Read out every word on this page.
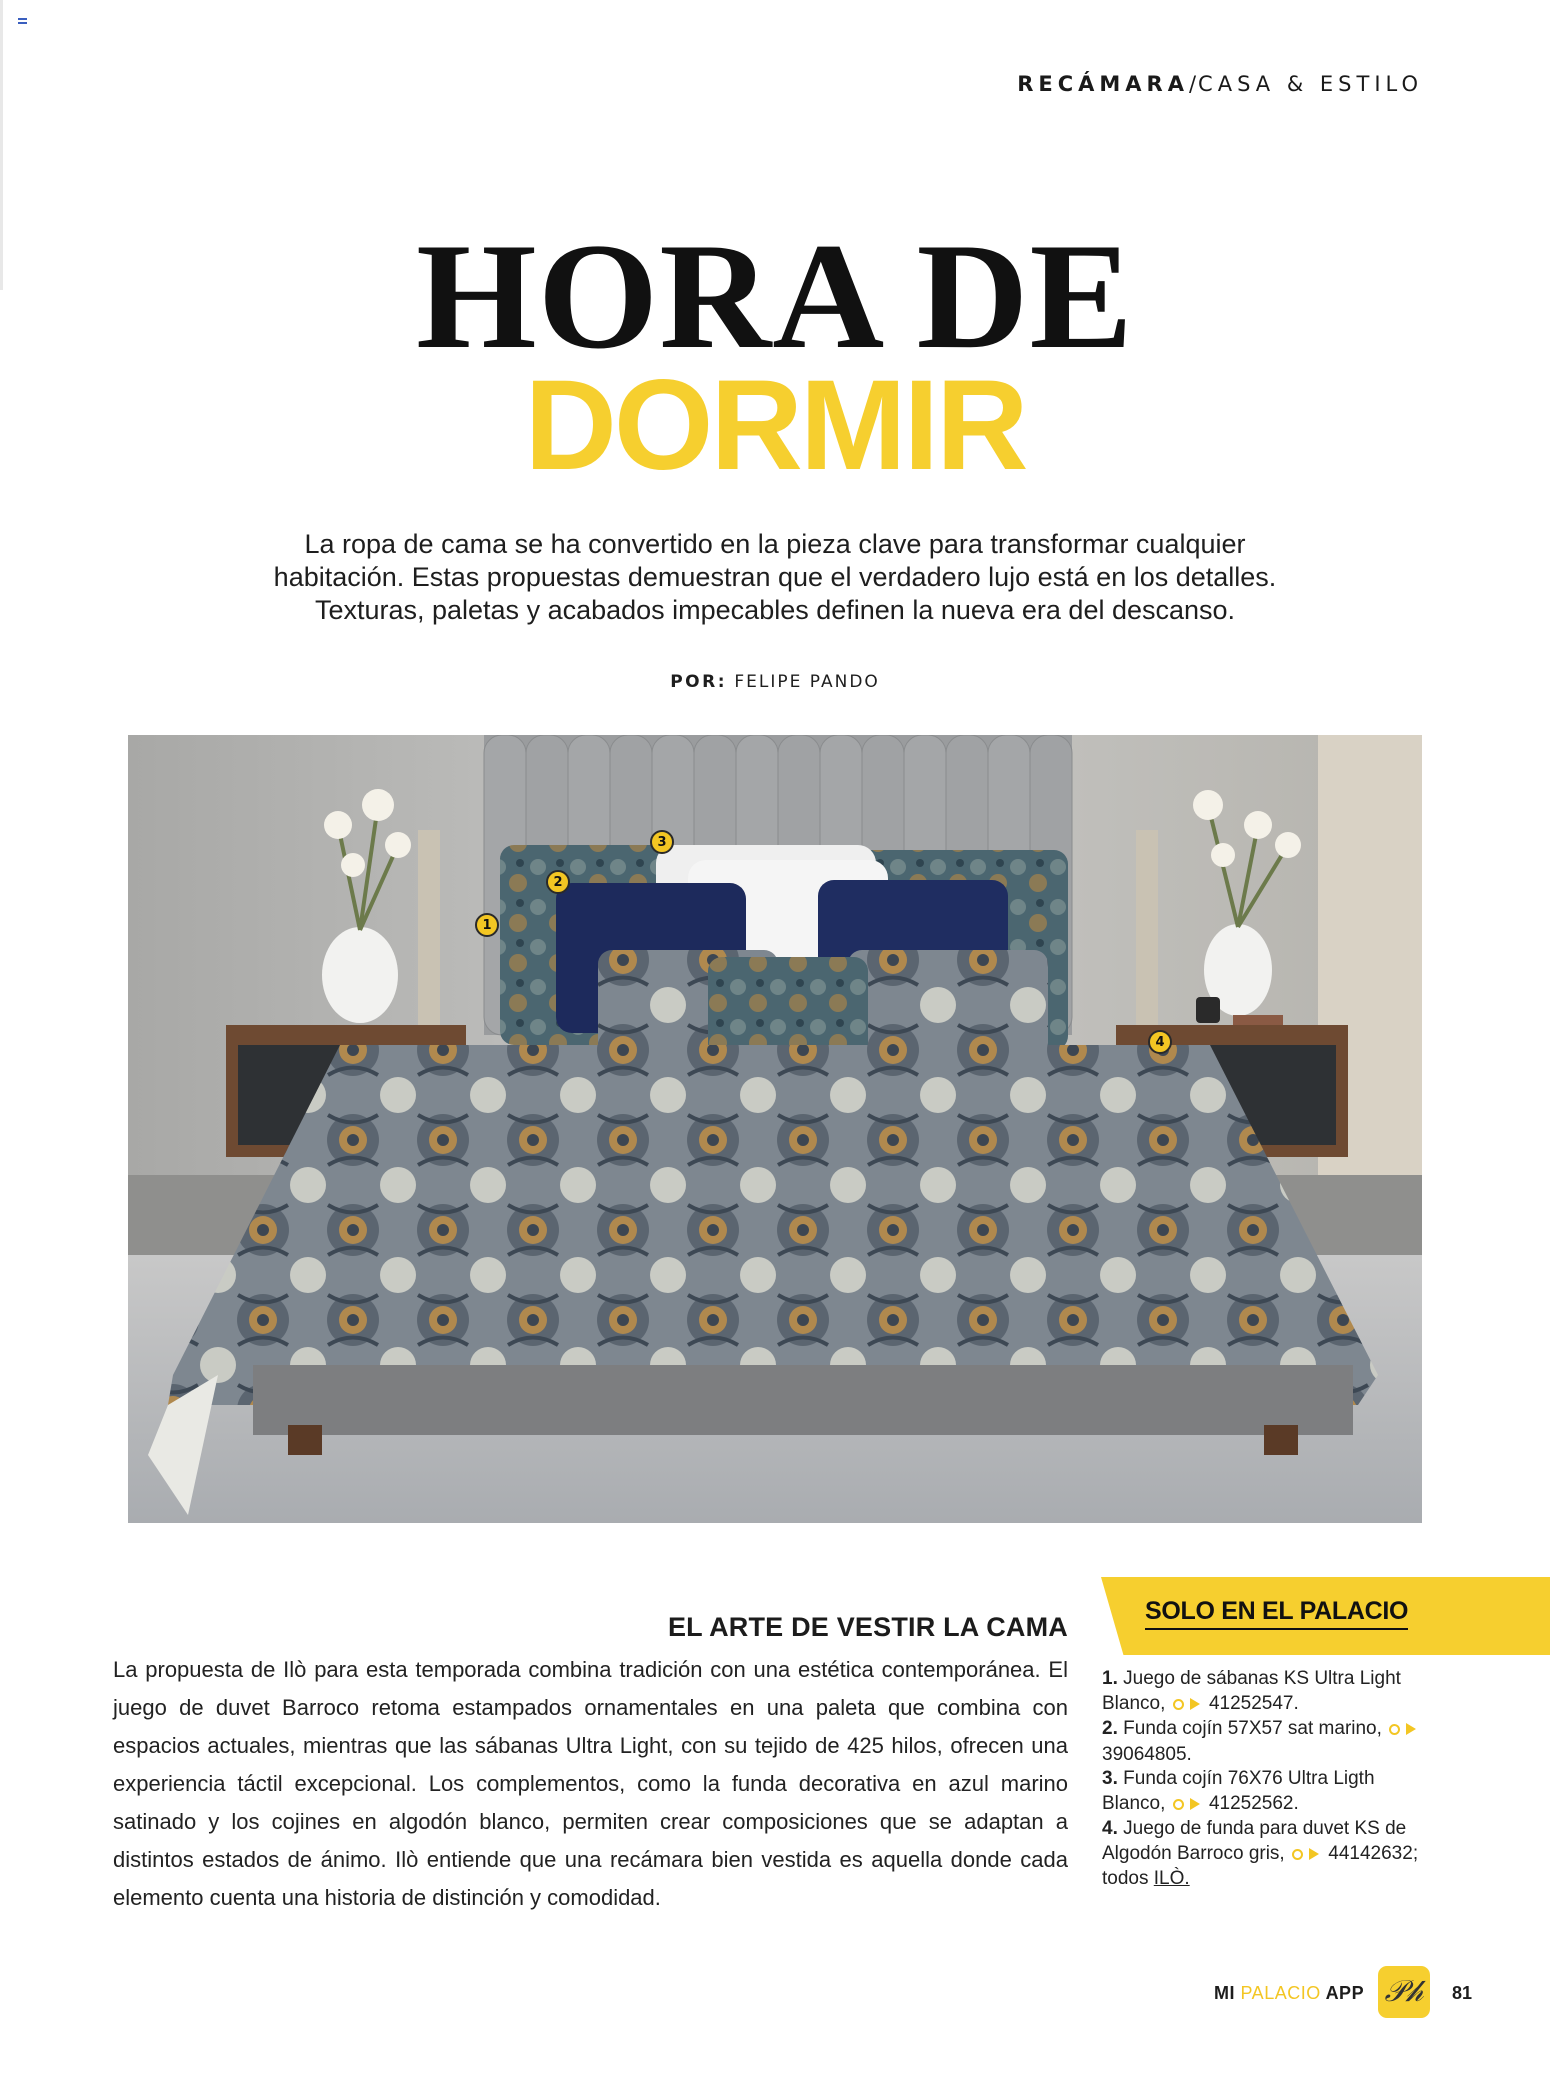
RECÁMARA/CASA & ESTILO
HORA DE
DORMIR
La ropa de cama se ha convertido en la pieza clave para transformar cualquier
habitación. Estas propuestas demuestran que el verdadero lujo está en los detalles.
Texturas, paletas y acabados impecables definen la nueva era del descanso.
POR: FELIPE PANDO
1
2
3
4
EL ARTE DE VESTIR LA CAMA

La propuesta de Ilò para esta temporada combina tradición con una estética contemporánea. El juego de duvet Barroco retoma estampados ornamentales en una paleta que combina con espacios actuales, mientras que las sábanas Ultra Light, con su tejido de 425 hilos, ofrecen una experiencia táctil excepcional. Los complementos, como la funda decorativa en azul marino satinado y los cojines en algodón blanco, permiten crear composiciones que se adaptan a distintos estados de ánimo. Ilò entiende que una recámara bien vestida es aquella donde cada elemento cuenta una historia de distinción y comodidad.

SOLO EN EL PALACIO
1. Juego de sábanas KS Ultra Light Blanco, 41252547.
2. Funda cojín 57X57 sat marino,  39064805.
3. Funda cojín 76X76 Ultra Ligth Blanco, 41252562.
4. Juego de funda para duvet KS de Algodón Barroco gris, 44142632; todos ILÒ.
MI PALACIO APP 𝒫𝒽	81
